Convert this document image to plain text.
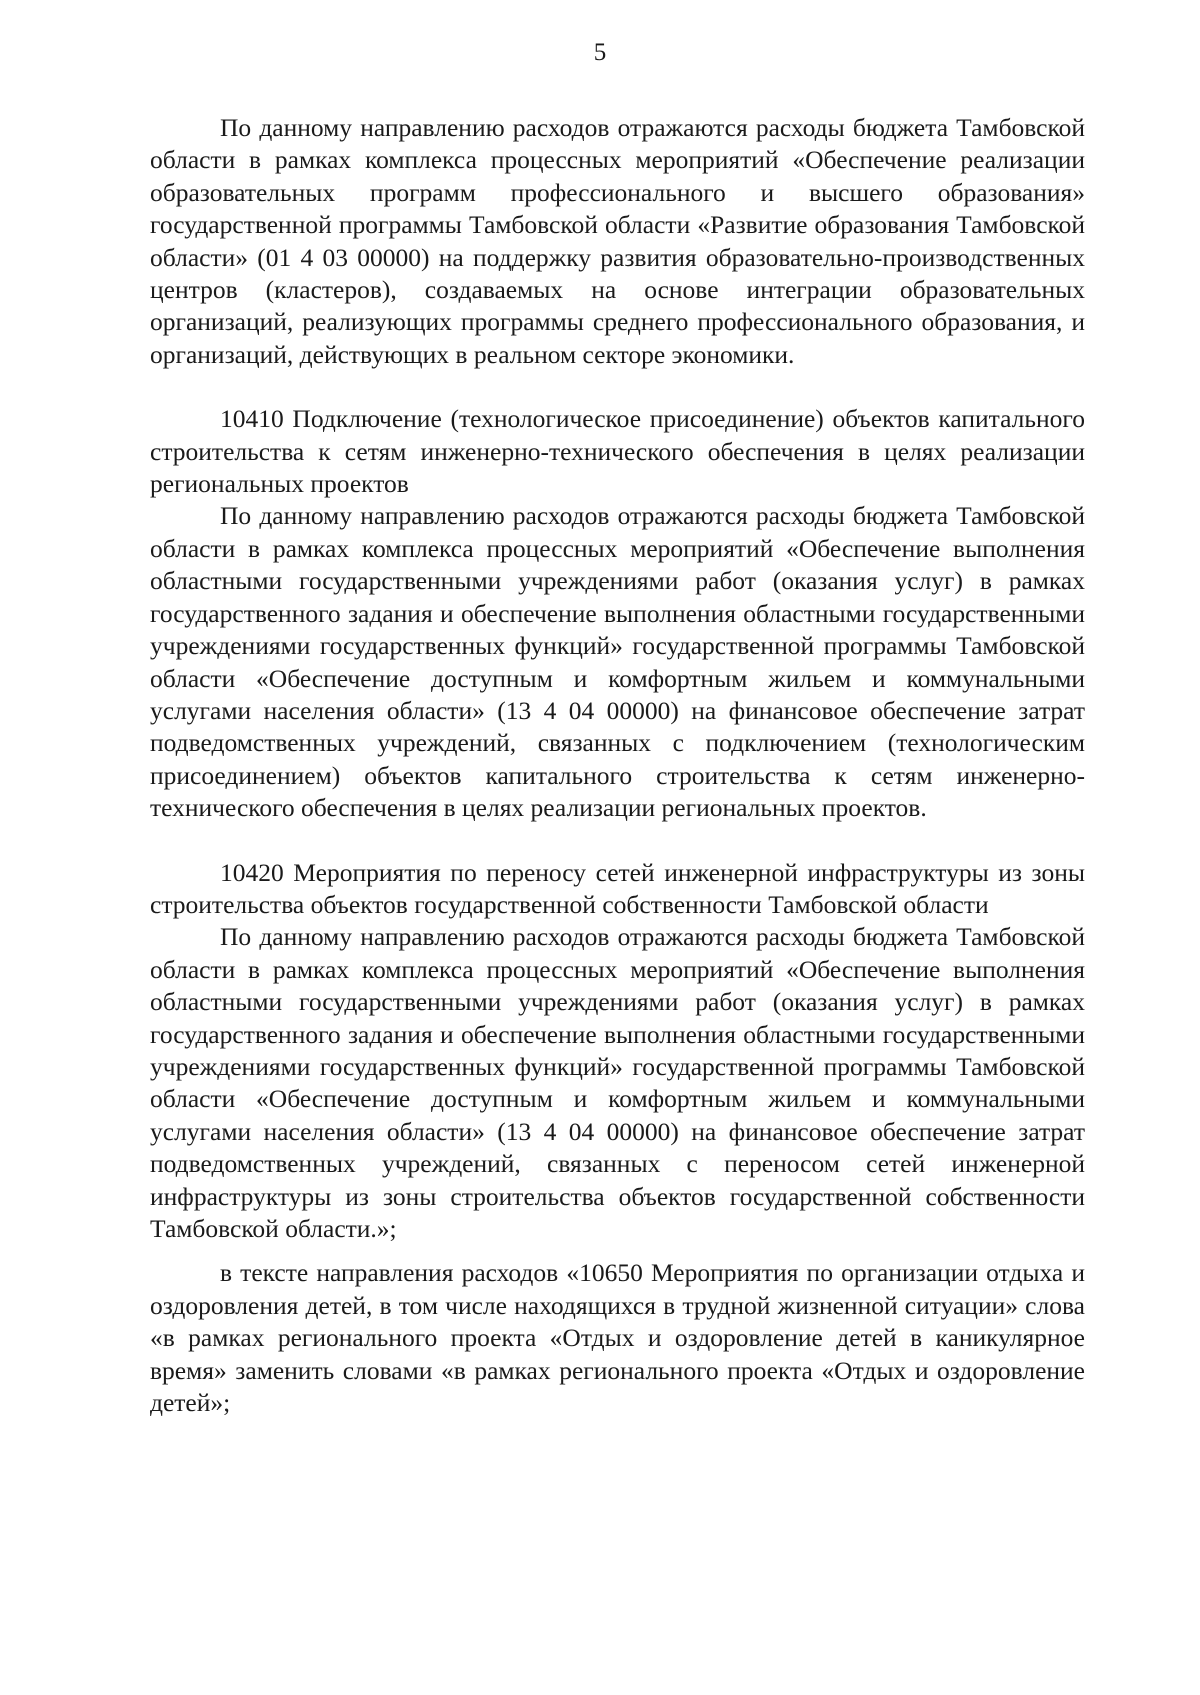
5

По данному направлению расходов отражаются расходы бюджета Тамбовской области в рамках комплекса процессных мероприятий «Обеспечение реализации образовательных программ профессионального и высшего образования» государственной программы Тамбовской области «Развитие образования Тамбовской области» (01 4 03 00000) на поддержку развития образовательно-производственных центров (кластеров), создаваемых на основе интеграции образовательных организаций, реализующих программы среднего профессионального образования, и организаций, действующих в реальном секторе экономики.

10410 Подключение (технологическое присоединение) объектов капитального строительства к сетям инженерно-технического обеспечения в целях реализации региональных проектов

По данному направлению расходов отражаются расходы бюджета Тамбовской области в рамках комплекса процессных мероприятий «Обеспечение выполнения областными государственными учреждениями работ (оказания услуг) в рамках государственного задания и обеспечение выполнения областными государственными учреждениями государственных функций» государственной программы Тамбовской области «Обеспечение доступным и комфортным жильем и коммунальными услугами населения области» (13 4 04 00000) на финансовое обеспечение затрат подведомственных учреждений, связанных с подключением (технологическим присоединением) объектов капитального строительства к сетям инженерно-технического обеспечения в целях реализации региональных проектов.

10420 Мероприятия по переносу сетей инженерной инфраструктуры из зоны строительства объектов государственной собственности Тамбовской области

По данному направлению расходов отражаются расходы бюджета Тамбовской области в рамках комплекса процессных мероприятий «Обеспечение выполнения областными государственными учреждениями работ (оказания услуг) в рамках государственного задания и обеспечение выполнения областными государственными учреждениями государственных функций» государственной программы Тамбовской области «Обеспечение доступным и комфортным жильем и коммунальными услугами населения области» (13 4 04 00000) на финансовое обеспечение затрат подведомственных учреждений, связанных с переносом сетей инженерной инфраструктуры из зоны строительства объектов государственной собственности Тамбовской области.»;

в тексте направления расходов «10650 Мероприятия по организации отдыха и оздоровления детей, в том числе находящихся в трудной жизненной ситуации» слова «в рамках регионального проекта «Отдых и оздоровление детей в каникулярное время» заменить словами «в рамках регионального проекта «Отдых и оздоровление детей»;
